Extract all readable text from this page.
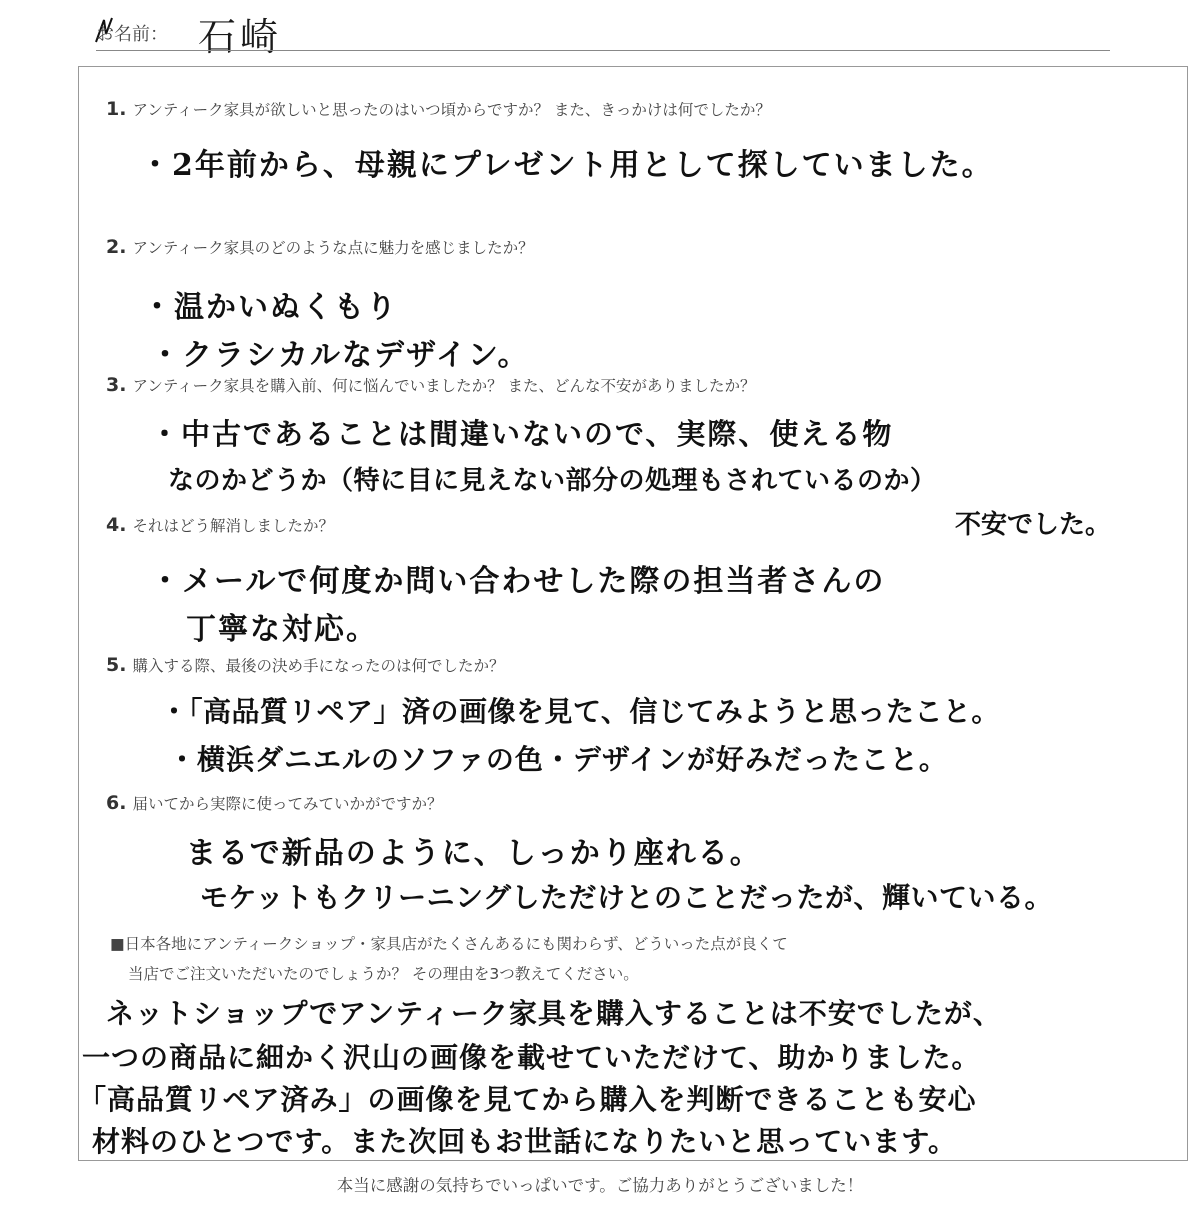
お名前： 石崎
1. アンティーク家具が欲しいと思ったのはいつ頃からですか？ また、きっかけは何でしたか？
・2年前から、母親にプレゼント用として探していました。
2. アンティーク家具のどのような点に魅力を感じましたか？
・温かいぬくもり
・クラシカルなデザイン。
3. アンティーク家具を購入前、何に悩んでいましたか？ また、どんな不安がありましたか？
・中古であることは間違いないので、実際、使える物
なのかどうか（特に目に見えない部分の処理もされているのか）
不安でした。
4. それはどう解消しましたか？
・メールで何度か問い合わせした際の担当者さんの
丁寧な対応。
5. 購入する際、最後の決め手になったのは何でしたか？
・「高品質リペア」済の画像を見て、信じてみようと思ったこと。
・横浜ダニエルのソファの色・デザインが好みだったこと。
6. 届いてから実際に使ってみていかがですか？
まるで新品のように、しっかり座れる。
モケットもクリーニングしただけとのことだったが、輝いている。
■日本各地にアンティークショップ・家具店がたくさんあるにも関わらず、どういった点が良くて
当店でご注文いただいたのでしょうか？ その理由を3つ教えてください。
ネットショップでアンティーク家具を購入することは不安でしたが、
一つの商品に細かく沢山の画像を載せていただけて、助かりました。
「高品質リペア済み」の画像を見てから購入を判断できることも安心
材料のひとつです。また次回もお世話になりたいと思っています。
本当に感謝の気持ちでいっぱいです。ご協力ありがとうございました！
